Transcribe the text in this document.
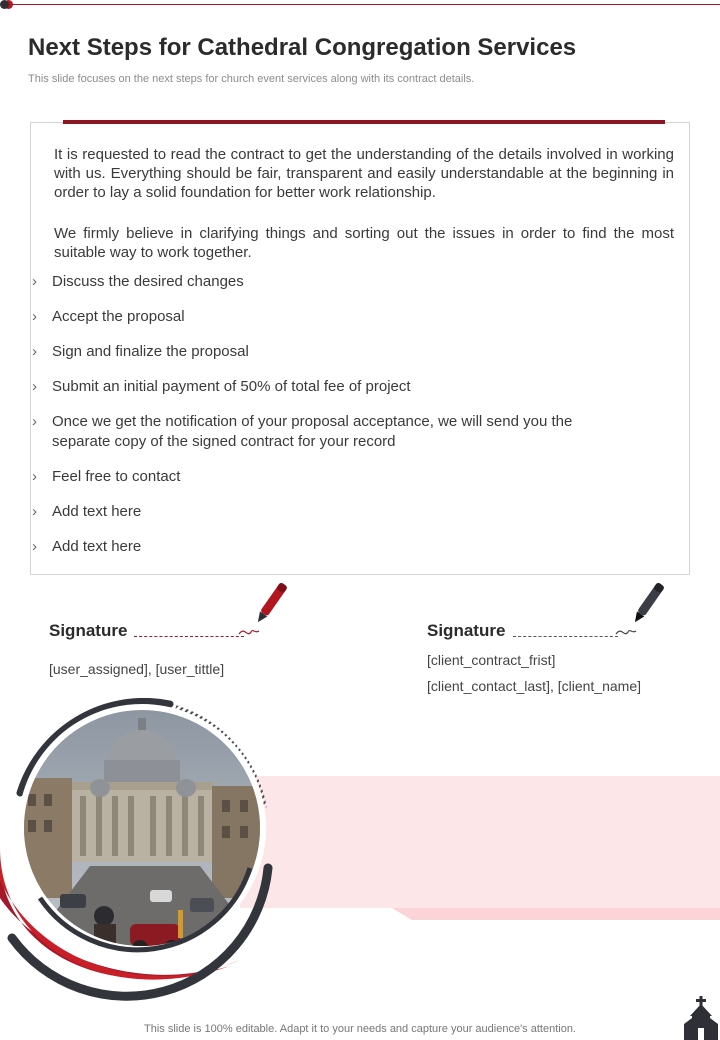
Next Steps for Cathedral Congregation Services
This slide focuses on the next steps for church event services along with its contract details.

It is requested to read the contract to get the understanding of the details involved in working with us. Everything should be fair, transparent and easily understandable at the beginning in order to lay a solid foundation for better work relationship.

We firmly believe in clarifying things and sorting out the issues in order to find the most suitable way to work together.

›	Discuss the desired changes
›	Accept the proposal
›	Sign and finalize the proposal
›	Submit an initial payment of 50% of total fee of project
›	Once we get the notification of your proposal acceptance, we will send you the separate copy of the signed contract for your record
›	Feel free to contact
›	Add text here
›	Add text here
Signature
[user_assigned], [user_tittle]
Signature
[client_contract_frist]
[client_contact_last], [client_name]
This slide is 100% editable. Adapt it to your needs and capture your audience's attention.
